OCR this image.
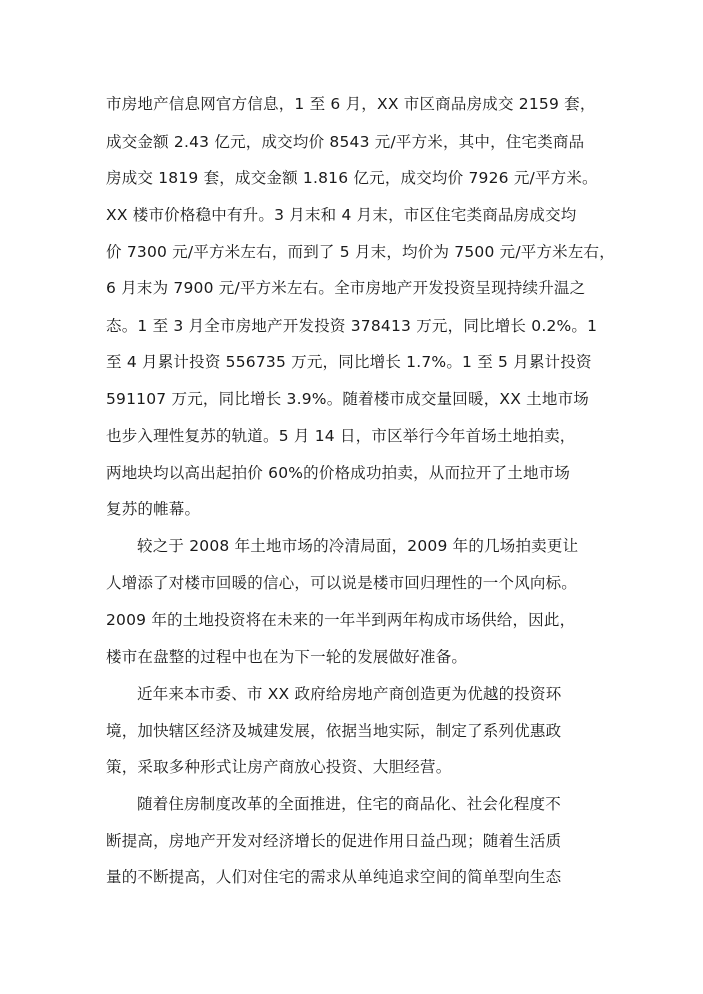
市房地产信息网官方信息，1 至 6 月，XX 市区商品房成交 2159 套，
成交金额 2.43 亿元，成交均价 8543 元/平方米，其中，住宅类商品
房成交 1819 套，成交金额 1.816 亿元，成交均价 7926 元/平方米。
XX 楼市价格稳中有升。3 月末和 4 月末，市区住宅类商品房成交均
价 7300 元/平方米左右，而到了 5 月末，均价为 7500 元/平方米左右，
6 月末为 7900 元/平方米左右。全市房地产开发投资呈现持续升温之
态。1 至 3 月全市房地产开发投资 378413 万元，同比增长 0.2%。1
至 4 月累计投资 556735 万元，同比增长 1.7%。1 至 5 月累计投资
591107 万元，同比增长 3.9%。随着楼市成交量回暖，XX 土地市场
也步入理性复苏的轨道。5 月 14 日，市区举行今年首场土地拍卖，
两地块均以高出起拍价 60%的价格成功拍卖，从而拉开了土地市场
复苏的帷幕。
较之于 2008 年土地市场的冷清局面，2009 年的几场拍卖更让
人增添了对楼市回暖的信心，可以说是楼市回归理性的一个风向标。
2009 年的土地投资将在未来的一年半到两年构成市场供给，因此，
楼市在盘整的过程中也在为下一轮的发展做好准备。
近年来本市委、市 XX 政府给房地产商创造更为优越的投资环
境，加快辖区经济及城建发展，依据当地实际，制定了系列优惠政
策，采取多种形式让房产商放心投资、大胆经营。
随着住房制度改革的全面推进，住宅的商品化、社会化程度不
断提高，房地产开发对经济增长的促进作用日益凸现；随着生活质
量的不断提高，人们对住宅的需求从单纯追求空间的简单型向生态
